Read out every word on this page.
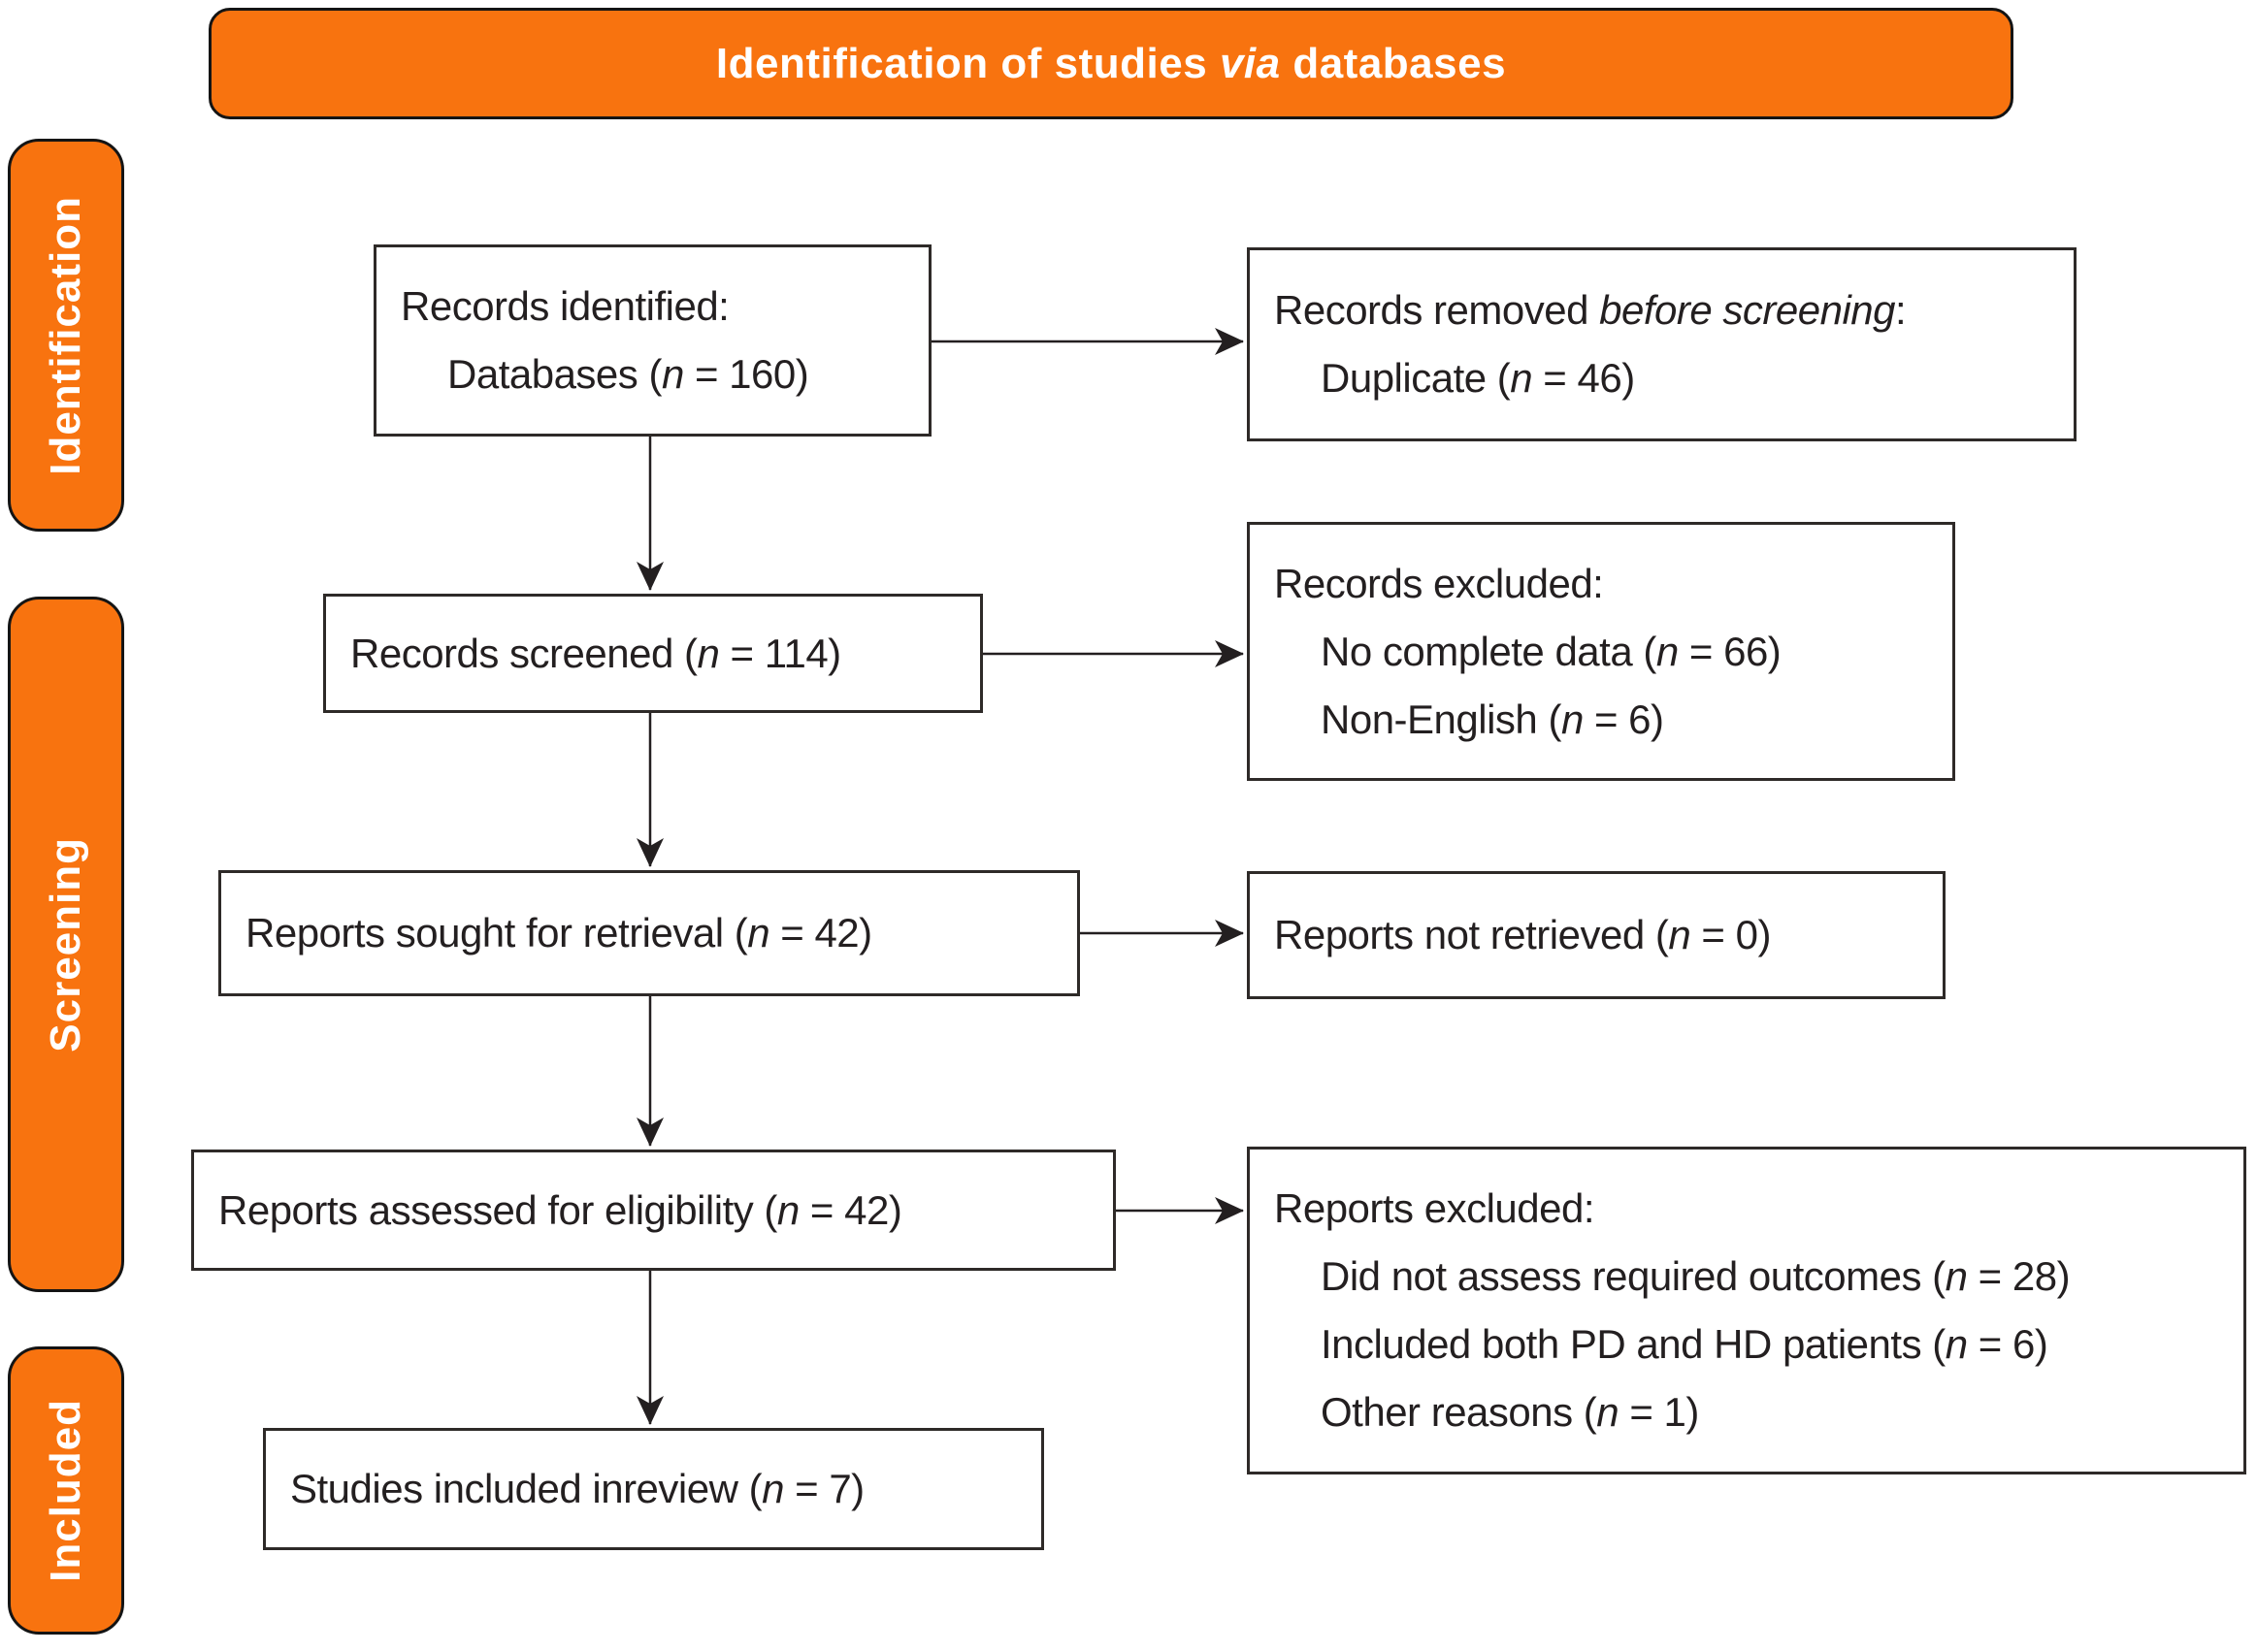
Identification of studies via databases
Identification
Screening
Included
Records identified:
Databases (n = 160)
Records screened (n = 114)
Reports sought for retrieval (n = 42)
Reports assessed for eligibility (n = 42)
Studies included inreview (n = 7)
Records removed before screening:
Duplicate (n = 46)
Records excluded:
No complete data (n = 66)
Non-English (n = 6)
Reports not retrieved (n = 0)
Reports excluded:
Did not assess required outcomes (n = 28)
Included both PD and HD patients (n = 6)
Other reasons (n = 1)
